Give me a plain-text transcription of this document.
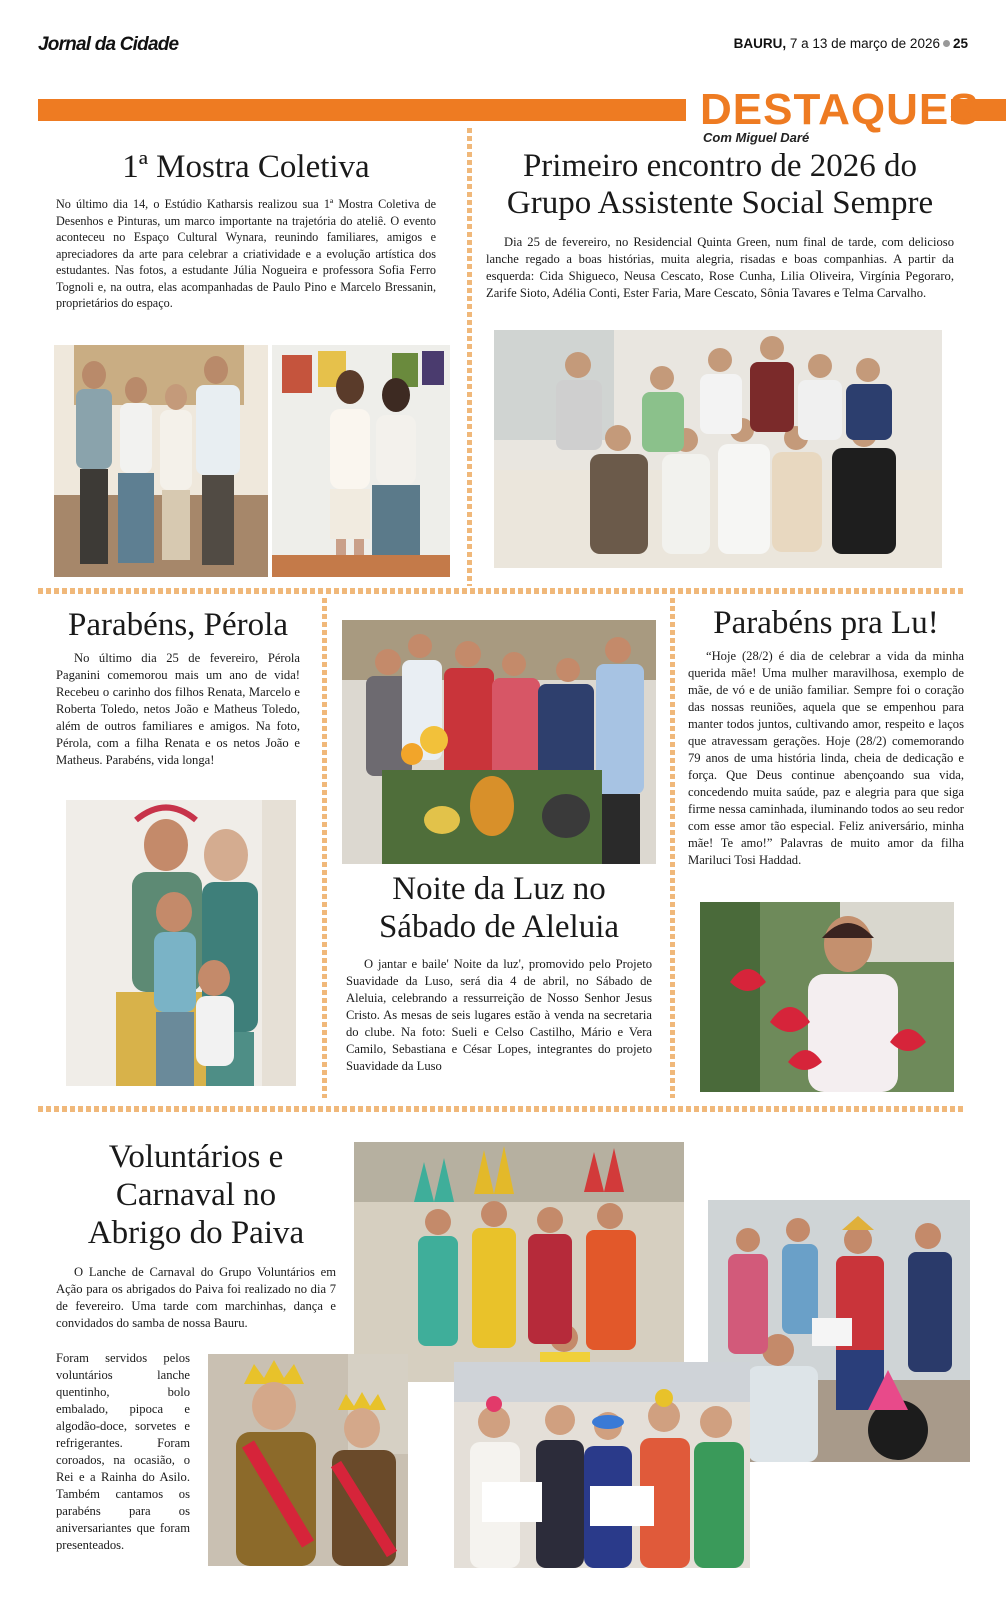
Jornal da Cidade	BAURU, 7 a 13 de março de 2026 25
DESTAQUES
Com Miguel Daré
1ª Mostra Coletiva

No último dia 14, o Estúdio Katharsis realizou sua 1ª Mostra Coletiva de Desenhos e Pinturas, um marco importante na trajetória do ateliê. O evento aconteceu no Espaço Cultural Wynara, reunindo familiares, amigos e apreciadores da arte para celebrar a criatividade e a evolução artística dos estudantes. Nas fotos, a estudante Júlia Nogueira e professora Sofia Ferro Tognoli e, na outra, elas acompanhadas de Paulo Pino e Marcelo Bressanin, proprietários do espaço.

Primeiro encontro de 2026 do
Grupo Assistente Social Sempre

Dia 25 de fevereiro, no Residencial Quinta Green, num final de tarde, com delicioso lanche regado a boas histórias, muita alegria, risadas e boas companhias. A partir da esquerda: Cida Shigueco, Neusa Cescato, Rose Cunha, Lilia Oliveira, Virgínia Pegoraro, Zarife Sioto, Adélia Conti, Ester Faria, Mare Cescato, Sônia Tavares e Telma Carvalho.

Parabéns, Pérola

No último dia 25 de fevereiro, Pérola Paganini comemorou mais um ano de vida! Recebeu o carinho dos filhos Renata, Marcelo e Roberta Toledo, netos João e Matheus Toledo, além de outros familiares e amigos. Na foto, Pérola, com a filha Renata e os netos João e Matheus. Parabéns, vida longa!

Noite da Luz no
Sábado de Aleluia

O jantar e baile' Noite da luz', promovido pelo Projeto Suavidade da Luso, será dia 4 de abril, no Sábado de Aleluia, celebrando a ressurreição de Nosso Senhor Jesus Cristo. As mesas de seis lugares estão à venda na secretaria do clube. Na foto: Sueli e Celso Castilho, Mário e Vera Camilo, Sebastiana e César Lopes, integrantes do projeto Suavidade da Luso

Parabéns pra Lu!

“Hoje (28/2) é dia de celebrar a vida da minha querida mãe! Uma mulher maravilhosa, exemplo de mãe, de vó e de união familiar. Sempre foi o coração das nossas reuniões, aquela que se empenhou para manter todos juntos, cultivando amor, respeito e laços que atravessam gerações. Hoje (28/2) comemorando 79 anos de uma história linda, cheia de dedicação e força. Que Deus continue abençoando sua vida, concedendo muita saúde, paz e alegria para que siga firme nessa caminhada, iluminando todos ao seu redor com esse amor tão especial. Feliz aniversário, minha mãe! Te amo!” Palavras de muito amor da filha Mariluci Tosi Haddad.

Voluntários e
Carnaval no
Abrigo do Paiva

O Lanche de Carnaval do Grupo Voluntários em Ação para os abrigados do Paiva foi realizado no dia 7 de fevereiro. Uma tarde com marchinhas, dança e convidados do samba de nossa Bauru.

Foram servidos pelos voluntários lanche quentinho, bolo embalado, pipoca e algodão-doce, sorvetes e refrigerantes. Foram coroados, na ocasião, o Rei e a Rainha do Asilo. Também cantamos os parabéns para os aniversariantes que foram presenteados.
